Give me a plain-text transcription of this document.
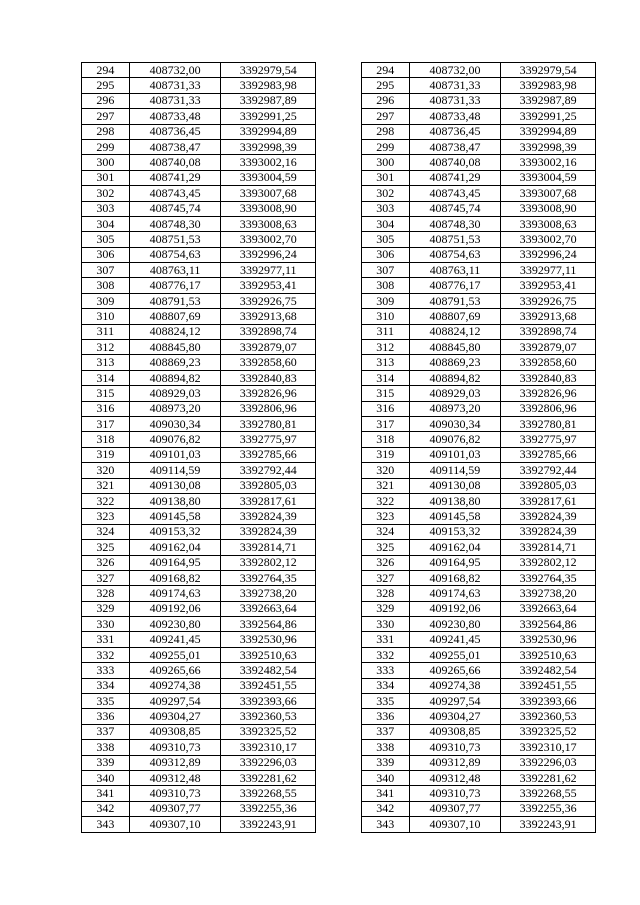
294	408732,00	3392979,54		294	408732,00	3392979,54
295	408731,33	3392983,98		295	408731,33	3392983,98
296	408731,33	3392987,89		296	408731,33	3392987,89
297	408733,48	3392991,25		297	408733,48	3392991,25
298	408736,45	3392994,89		298	408736,45	3392994,89
299	408738,47	3392998,39		299	408738,47	3392998,39
300	408740,08	3393002,16		300	408740,08	3393002,16
301	408741,29	3393004,59		301	408741,29	3393004,59
302	408743,45	3393007,68		302	408743,45	3393007,68
303	408745,74	3393008,90		303	408745,74	3393008,90
304	408748,30	3393008,63		304	408748,30	3393008,63
305	408751,53	3393002,70		305	408751,53	3393002,70
306	408754,63	3392996,24		306	408754,63	3392996,24
307	408763,11	3392977,11		307	408763,11	3392977,11
308	408776,17	3392953,41		308	408776,17	3392953,41
309	408791,53	3392926,75		309	408791,53	3392926,75
310	408807,69	3392913,68		310	408807,69	3392913,68
311	408824,12	3392898,74		311	408824,12	3392898,74
312	408845,80	3392879,07		312	408845,80	3392879,07
313	408869,23	3392858,60		313	408869,23	3392858,60
314	408894,82	3392840,83		314	408894,82	3392840,83
315	408929,03	3392826,96		315	408929,03	3392826,96
316	408973,20	3392806,96		316	408973,20	3392806,96
317	409030,34	3392780,81		317	409030,34	3392780,81
318	409076,82	3392775,97		318	409076,82	3392775,97
319	409101,03	3392785,66		319	409101,03	3392785,66
320	409114,59	3392792,44		320	409114,59	3392792,44
321	409130,08	3392805,03		321	409130,08	3392805,03
322	409138,80	3392817,61		322	409138,80	3392817,61
323	409145,58	3392824,39		323	409145,58	3392824,39
324	409153,32	3392824,39		324	409153,32	3392824,39
325	409162,04	3392814,71		325	409162,04	3392814,71
326	409164,95	3392802,12		326	409164,95	3392802,12
327	409168,82	3392764,35		327	409168,82	3392764,35
328	409174,63	3392738,20		328	409174,63	3392738,20
329	409192,06	3392663,64		329	409192,06	3392663,64
330	409230,80	3392564,86		330	409230,80	3392564,86
331	409241,45	3392530,96		331	409241,45	3392530,96
332	409255,01	3392510,63		332	409255,01	3392510,63
333	409265,66	3392482,54		333	409265,66	3392482,54
334	409274,38	3392451,55		334	409274,38	3392451,55
335	409297,54	3392393,66		335	409297,54	3392393,66
336	409304,27	3392360,53		336	409304,27	3392360,53
337	409308,85	3392325,52		337	409308,85	3392325,52
338	409310,73	3392310,17		338	409310,73	3392310,17
339	409312,89	3392296,03		339	409312,89	3392296,03
340	409312,48	3392281,62		340	409312,48	3392281,62
341	409310,73	3392268,55		341	409310,73	3392268,55
342	409307,77	3392255,36		342	409307,77	3392255,36
343	409307,10	3392243,91		343	409307,10	3392243,91
